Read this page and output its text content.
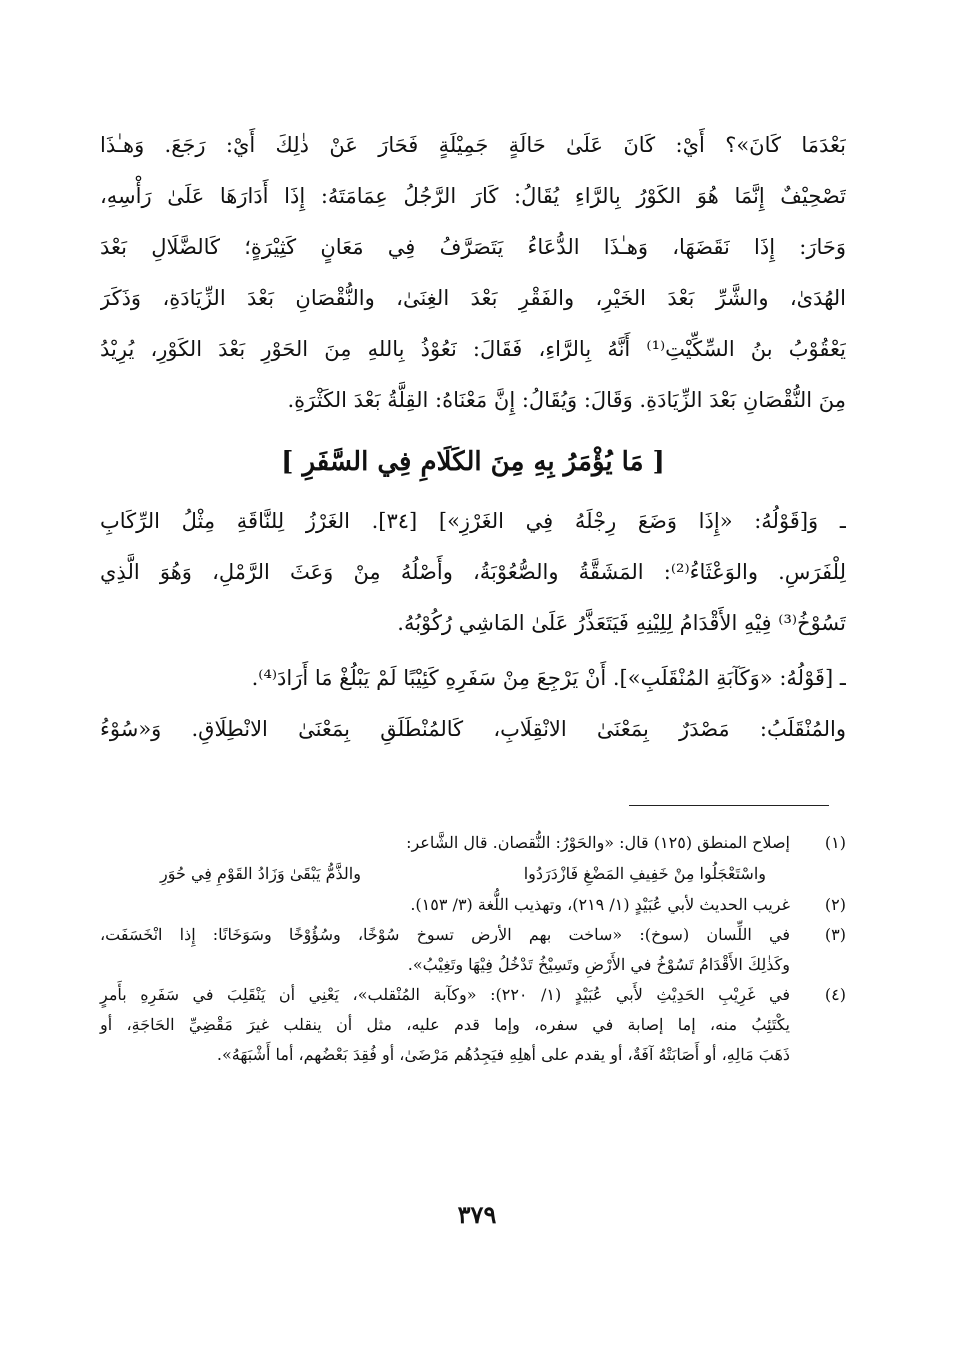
بَعْدَمَا كَانَ»؟ أَيْ: كَانَ عَلَىٰ حَالَةٍ جَمِيْلَةٍ فَحَارَ عَنْ ذٰلِكَ أَيْ: رَجَعَ. وَهـٰذَا
تَصْحِيْفٌ إِنَّمَا هُوَ الكَوْرُ بِالرَّاءِ يُقَالُ: كَارَ الرَّجُلُ عِمَامَتَهُ: إِذَا أَدَارَهَا عَلَىٰ رَأْسِهِ،
وَحَارَ: إِذَا نَقَضَهَا، وَهـٰذَا الدُّعَاءُ يَتَصَرَّفُ فِي مَعَانٍ كَثِيْرَةٍ؛ كَالضَّلَالِ بَعْدَ
الهُدَىٰ، والشَّرِّ بَعْدَ الخَيْرِ، والفَقْرِ بَعْدَ الغِنَىٰ، والنُّقْصَانِ بَعْدَ الزِّيَادَةِ، وَذَكَرَ
يَعْقُوْبُ بنُ السِّكِّيْتِ⁽¹⁾ أَنَّهُ بِالرَّاءِ، فَقَالَ: نَعُوْذُ بِاللهِ مِنَ الحَوْرِ بَعْدَ الكَوْرِ، يُرِيْدُ
مِنَ النُّقْصَانِ بَعْدَ الزِّيَادَةِ. وَقَالَ: وَيُقَالُ: إِنَّ مَعْنَاهُ: القِلَّةُ بَعْدَ الكَثْرَةِ.
[ مَا يُؤْمَرُ بِهِ مِنَ الكَلَامِ فِي السَّفَرِ ]
ـ وَ[قَوْلُهُ: «إِذَا وَضَعَ رِجْلَهُ فِي الغَرْزِ»] [٣٤]. الغَرْزُ لِلنَّاقَةِ مِثْلُ الرِّكَابِ
لِلْفَرَسِ. والوَعْثَاءُ⁽²⁾: المَشَقَّةُ والصُّعُوْبَةُ، وأَصْلُهُ مِنْ وَعَثَ الرَّمْلِ، وَهُوَ الَّذِي
تَسُوْخُ⁽³⁾ فِيْهِ الأَقْدَامُ لِلِيْنِهِ فَيَتَعَذَّرُ عَلَىٰ المَاشِي رُكُوْبُهُ.
ـ [قَوْلُهُ: «وَكَآبَةِ المُنْقَلَبِ»]. أَنْ يَرْجِعَ مِنْ سَفَرِهِ كَئِيْبًا لَمْ يَبْلُغْ مَا أَرَادَ⁽⁴⁾.
والمُنْقَلَبُ: مَصْدَرٌ بِمَعْنَىٰ الانْقِلَابِ، كَالمُنْطَلَقِ بِمَعْنَىٰ الانْطِلَاقِ. وَ«سُوْءُ
(١)
إصلاح المنطق (١٢٥) قال: «والحَوْرُ: النُّقصان. قال الشَّاعر:
واسْتَعْجَلُوا مِنْ خَفِيفِ المَضْغِ فَازْدَرَدُوا
والذَّمُّ يَبْقَىٰ وَزَادُ القَوْمِ فِي حُوَرِ
(٢)
غريب الحديث لأبي عُبَيْدٍ (١/ ٢١٩)، وتهذيب اللُّغة (٣/ ١٥٣).
(٣)
في اللِّسان (سوخ): «ساخت بهم الأرض تسوخ سُوْخًا، وسُؤُوْخًا وسَوَخَانًا: إِذا انْخَسَفَت،
وكَذٰلِكَ الأَقْدَامُ تَسُوْخُ في الأَرْضِ وتَسِيْخُ تَدْخُلُ فِيْهَا وتَغِيْبُ».
(٤)
في غَرِيْبِ الحَدِيْثِ لأَبي عُبَيْدٍ (١/ ٢٢٠): «وكآبة المُنْقلب»، يَعْنِي أن يَنْقَلِبَ في سَفَرِهِ بأَمرٍ
يكْتَئِبُ منه، إما إصابة في سفره، وإما قدم عليه، مثل أن ينقلب غيرَ مَقْضِيِّ الحَاجَةِ، أو
ذَهَبَ مَالِهِ، أو أَصَابَتْهُ آفَةٌ، أو يقدم على أهلِهِ فيَجِدُهُم مَرْضَىٰ، أو فُقِدَ بَعْضُهم، أما أَشْبَهَهُ».
٣٧٩
